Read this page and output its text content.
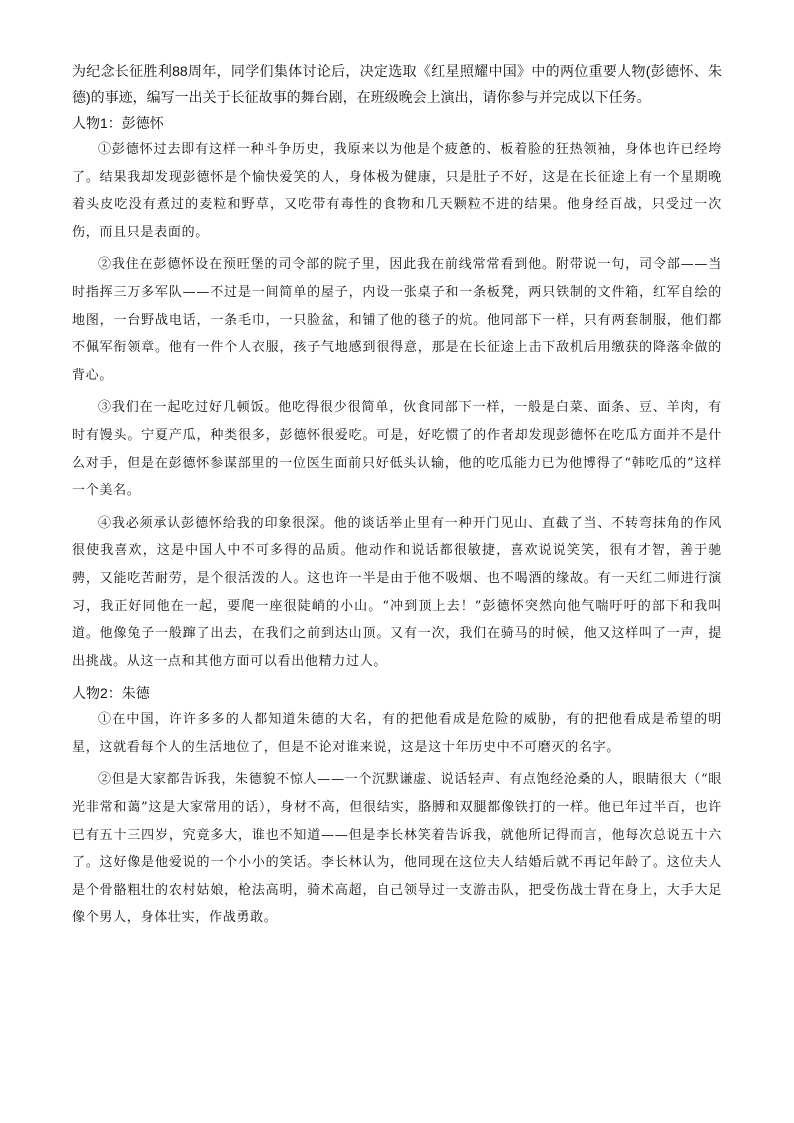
为纪念长征胜利88周年，同学们集体讨论后，决定选取《红星照耀中国》中的两位重要人物(彭德怀、朱德)的事迹，编写一出关于长征故事的舞台剧，在班级晚会上演出，请你参与并完成以下任务。

人物1：彭德怀

①彭德怀过去即有这样一种斗争历史，我原来以为他是个疲惫的、板着脸的狂热领袖，身体也许已经垮了。结果我却发现彭德怀是个愉快爱笑的人，身体极为健康，只是肚子不好，这是在长征途上有一个星期晚着头皮吃没有煮过的麦粒和野草，又吃带有毒性的食物和几天颗粒不进的结果。他身经百战，只受过一次伤，而且只是表面的。

②我住在彭德怀设在预旺堡的司令部的院子里，因此我在前线常常看到他。附带说一句，司令部——当时指挥三万多军队——不过是一间简单的屋子，内设一张桌子和一条板凳，两只铁制的文件箱，红军自绘的地图，一台野战电话，一条毛巾，一只脸盆，和铺了他的毯子的炕。他同部下一样，只有两套制服，他们都不佩军衔领章。他有一件个人衣服，孩子气地感到很得意，那是在长征途上击下敌机后用缴获的降落伞做的背心。

③我们在一起吃过好几顿饭。他吃得很少很简单，伙食同部下一样，一般是白菜、面条、豆、羊肉，有时有馒头。宁夏产瓜，种类很多，彭德怀很爱吃。可是，好吃惯了的作者却发现彭德怀在吃瓜方面并不是什么对手，但是在彭德怀参谋部里的一位医生面前只好低头认输，他的吃瓜能力已为他博得了“韩吃瓜的”这样一个美名。

④我必须承认彭德怀给我的印象很深。他的谈话举止里有一种开门见山、直截了当、不转弯抹角的作风很使我喜欢，这是中国人中不可多得的品质。他动作和说话都很敏捷，喜欢说说笑笑，很有才智，善于驰骋，又能吃苦耐劳，是个很活泼的人。这也许一半是由于他不吸烟、也不喝酒的缘故。有一天红二师进行演习，我正好同他在一起，要爬一座很陡峭的小山。“冲到顶上去！”彭德怀突然向他气喘吁吁的部下和我叫道。他像兔子一般蹿了出去，在我们之前到达山顶。又有一次，我们在骑马的时候，他又这样叫了一声，提出挑战。从这一点和其他方面可以看出他精力过人。

人物2：朱德

①在中国，许许多多的人都知道朱德的大名，有的把他看成是危险的威胁，有的把他看成是希望的明星，这就看每个人的生活地位了，但是不论对谁来说，这是这十年历史中不可磨灭的名字。

②但是大家都告诉我，朱德貌不惊人——一个沉默谦虚、说话轻声、有点饱经沧桑的人，眼睛很大（“眼光非常和蔼”这是大家常用的话），身材不高，但很结实，胳膊和双腿都像铁打的一样。他已年过半百，也许已有五十三四岁，究竟多大，谁也不知道——但是李长林笑着告诉我，就他所记得而言，他每次总说五十六了。这好像是他爱说的一个小小的笑话。李长林认为，他同现在这位夫人结婚后就不再记年龄了。这位夫人是个骨骼粗壮的农村姑娘，枪法高明，骑术高超，自己领导过一支游击队，把受伤战士背在身上，大手大足像个男人，身体壮实，作战勇敢。
